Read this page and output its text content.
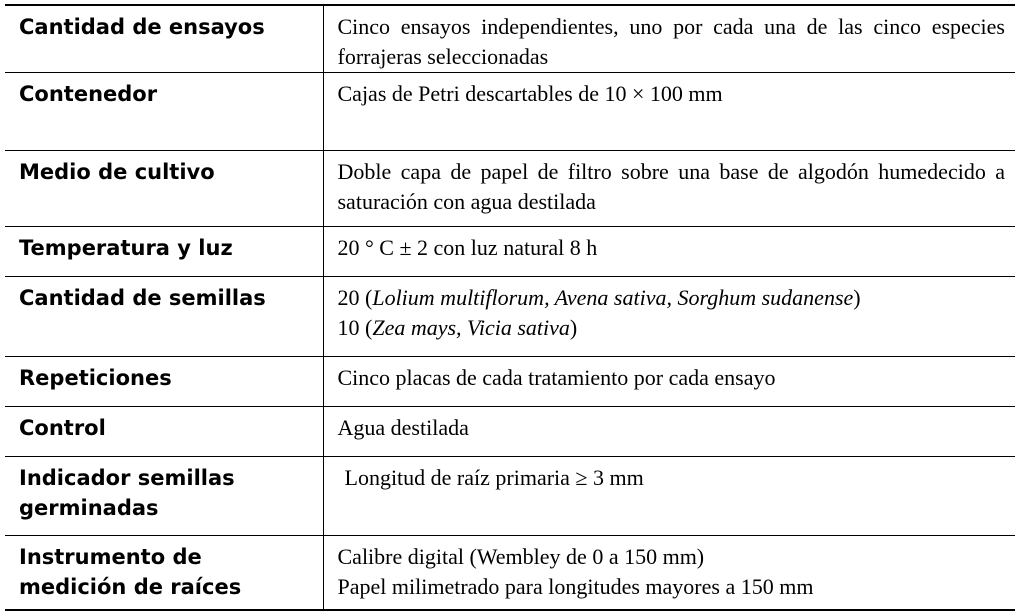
Cantidad de ensayos	Cinco ensayos independientes, uno por cada una de las cinco especies forrajeras seleccionadas
Contenedor	Cajas de Petri descartables de 10 × 100 mm
Medio de cultivo	Doble capa de papel de filtro sobre una base de algodón humedecido a saturación con agua destilada
Temperatura y luz	20 ° C ± 2 con luz natural 8 h
Cantidad de semillas	20 (Lolium multiflorum, Avena sativa, Sorghum sudanense)
10 (Zea mays, Vicia sativa)

Repeticiones	Cinco placas de cada tratamiento por cada ensayo
Control	Agua destilada

Indicador semillas
germinadas	Longitud de raíz primaria ≥ 3 mm

Instrumento de
medición de raíces	Calibre digital (Wembley de 0 a 150 mm)
Papel milimetrado para longitudes mayores a 150 mm
